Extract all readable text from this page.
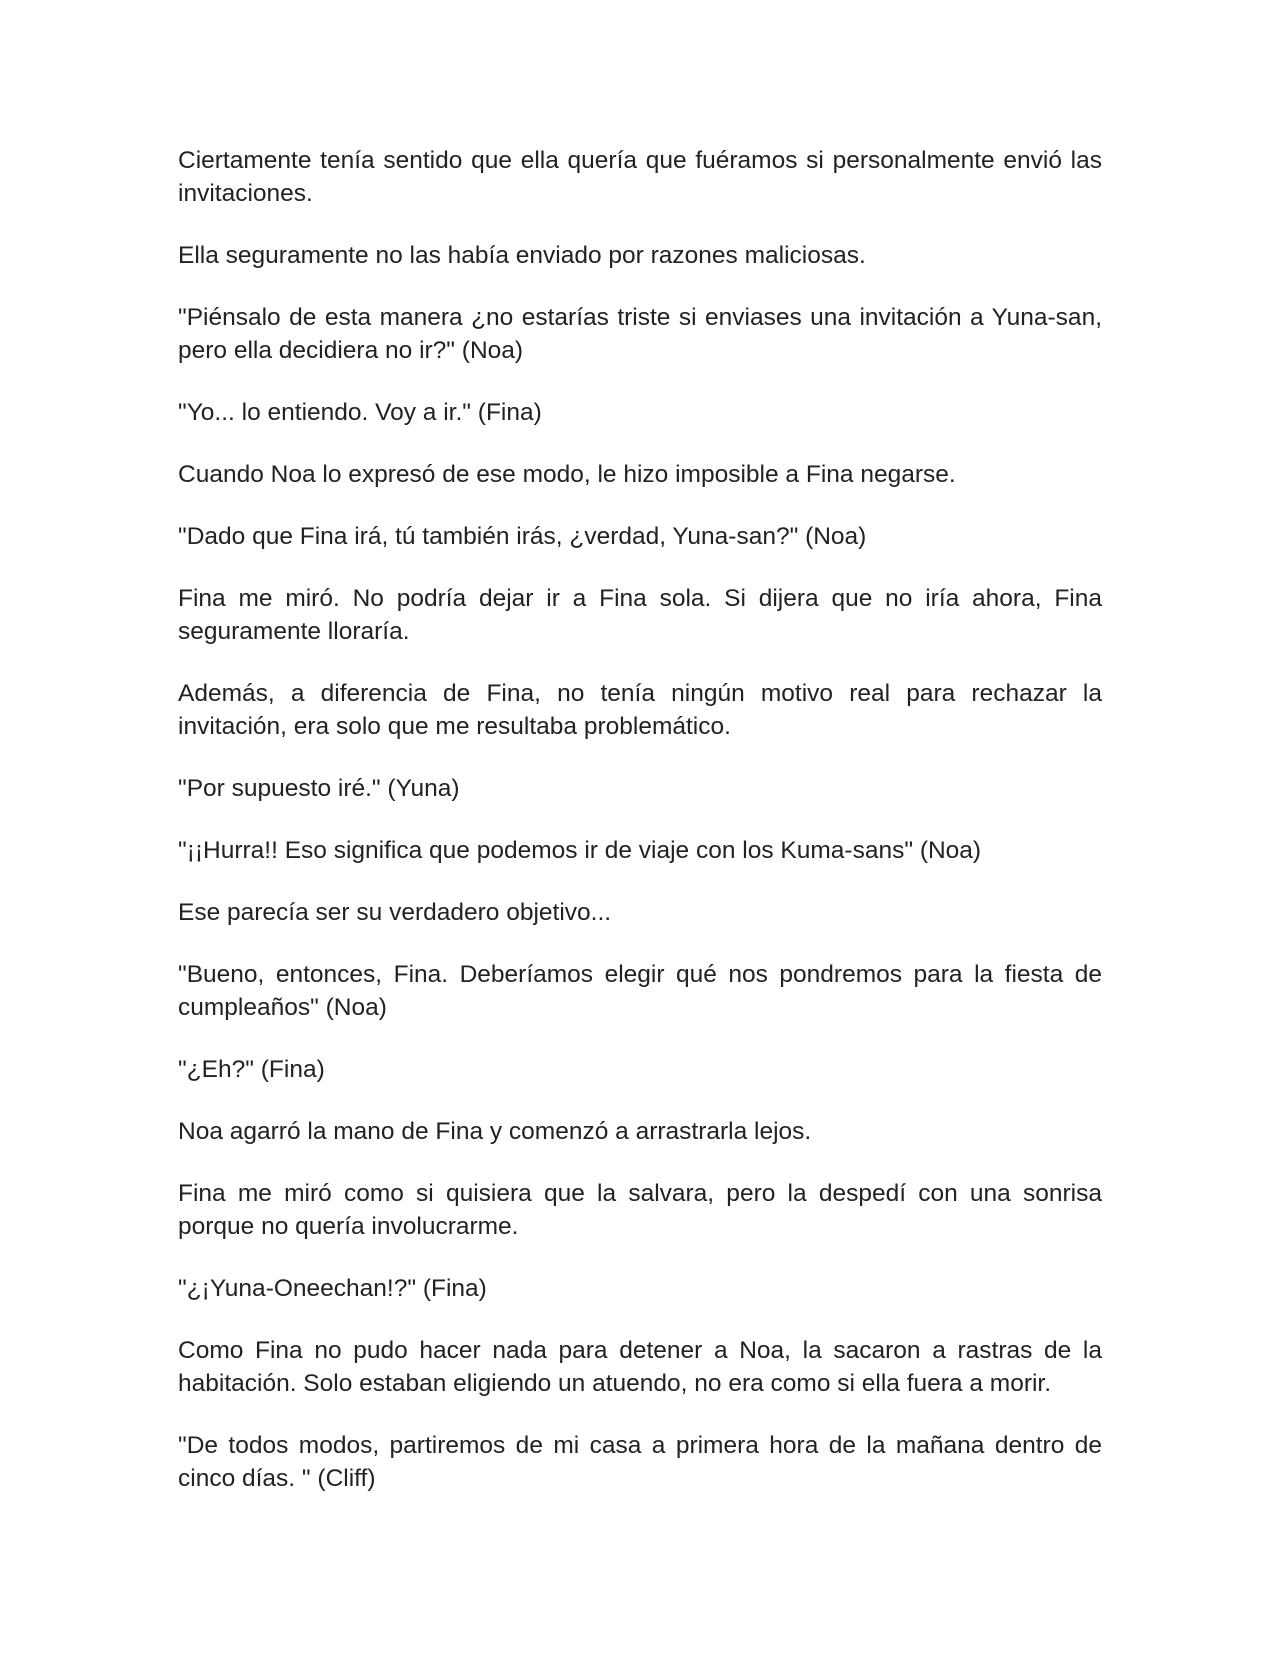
Ciertamente tenía sentido que ella quería que fuéramos si personalmente envió las invitaciones.

Ella seguramente no las había enviado por razones maliciosas.

"Piénsalo de esta manera ¿no estarías triste si enviases una invitación a Yuna-san, pero ella decidiera no ir?" (Noa)

"Yo... lo entiendo. Voy a ir." (Fina)

Cuando Noa lo expresó de ese modo, le hizo imposible a Fina negarse.

"Dado que Fina irá, tú también irás, ¿verdad, Yuna-san?" (Noa)

Fina me miró. No podría dejar ir a Fina sola. Si dijera que no iría ahora, Fina seguramente lloraría.

Además, a diferencia de Fina, no tenía ningún motivo real para rechazar la invitación, era solo que me resultaba problemático.

"Por supuesto iré." (Yuna)

"¡¡Hurra!! Eso significa que podemos ir de viaje con los Kuma-sans" (Noa)

Ese parecía ser su verdadero objetivo...

"Bueno, entonces, Fina. Deberíamos elegir qué nos pondremos para la fiesta de cumpleaños" (Noa)

"¿Eh?" (Fina)

Noa agarró la mano de Fina y comenzó a arrastrarla lejos.

Fina me miró como si quisiera que la salvara, pero la despedí con una sonrisa porque no quería involucrarme.

"¿¡Yuna-Oneechan!?" (Fina)

Como Fina no pudo hacer nada para detener a Noa, la sacaron a rastras de la habitación. Solo estaban eligiendo un atuendo, no era como si ella fuera a morir.

"De todos modos, partiremos de mi casa a primera hora de la mañana dentro de cinco días. " (Cliff)
